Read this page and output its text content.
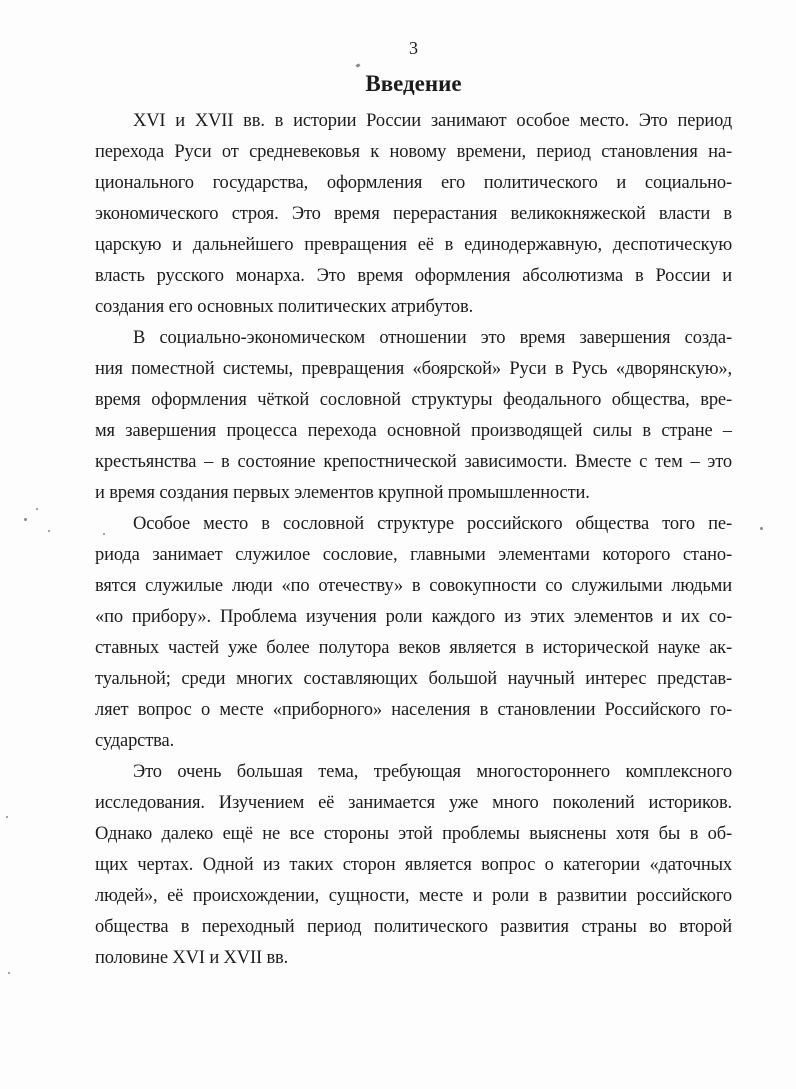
3
Введение
XVI и XVII вв. в истории России занимают особое место. Это период
перехода Руси от средневековья к новому времени, период становления на-
ционального государства, оформления его политического и социально-
экономического строя. Это время перерастания великокняжеской власти в
царскую и дальнейшего превращения её в единодержавную, деспотическую
власть русского монарха. Это время оформления абсолютизма в России и
создания его основных политических атрибутов.
В социально-экономическом отношении это время завершения созда-
ния поместной системы, превращения «боярской» Руси в Русь «дворянскую»,
время оформления чёткой сословной структуры феодального общества, вре-
мя завершения процесса перехода основной производящей силы в стране –
крестьянства – в состояние крепостнической зависимости. Вместе с тем – это
и время создания первых элементов крупной промышленности.
Особое место в сословной структуре российского общества того пе-
риода занимает служилое сословие, главными элементами которого стано-
вятся служилые люди «по отечеству» в совокупности со служилыми людьми
«по прибору». Проблема изучения роли каждого из этих элементов и их со-
ставных частей уже более полутора веков является в исторической науке ак-
туальной; среди многих составляющих большой научный интерес представ-
ляет вопрос о месте «приборного» населения в становлении Российского го-
сударства.
Это очень большая тема, требующая многостороннего комплексного
исследования. Изучением её занимается уже много поколений историков.
Однако далеко ещё не все стороны этой проблемы выяснены хотя бы в об-
щих чертах. Одной из таких сторон является вопрос о категории «даточных
людей», её происхождении, сущности, месте и роли в развитии российского
общества в переходный период политического развития страны во второй
половине XVI и XVII вв.
